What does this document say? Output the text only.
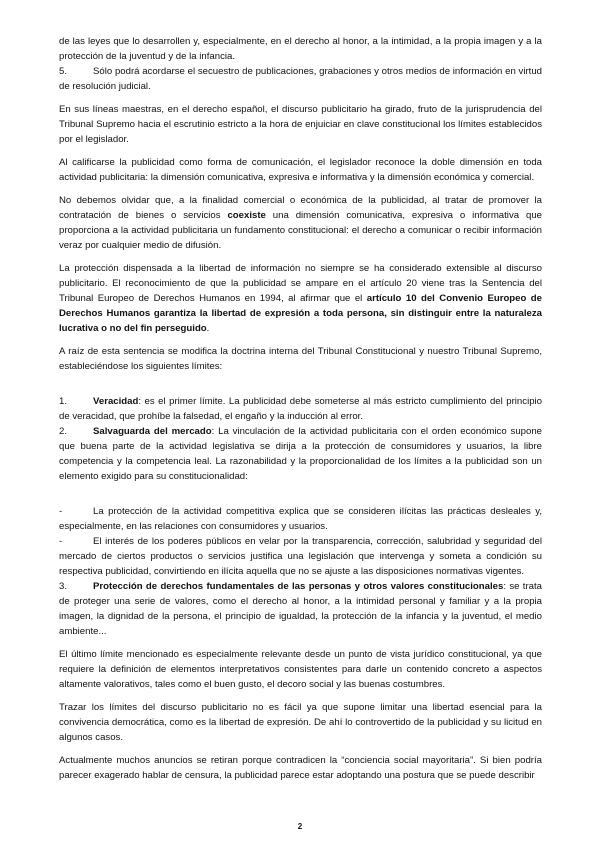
de las leyes que lo desarrollen y, especialmente, en el derecho al honor, a la intimidad, a la propia imagen y a la protección de la juventud y de la infancia.

5.	Sólo podrá acordarse el secuestro de publicaciones, grabaciones y otros medios de información en virtud de resolución judicial.

En sus líneas maestras, en el derecho español, el discurso publicitario ha girado, fruto de la jurisprudencia del Tribunal Supremo hacia el escrutinio estricto a la hora de enjuiciar en clave constitucional los límites establecidos por el legislador.

Al calificarse la publicidad como forma de comunicación, el legislador reconoce la doble dimensión en toda actividad publicitaria: la dimensión comunicativa, expresiva e informativa y la dimensión económica y comercial.

No debemos olvidar que, a la finalidad comercial o económica de la publicidad, al tratar de promover la contratación de bienes o servicios coexiste una dimensión comunicativa, expresiva o informativa que proporciona a la actividad publicitaria un fundamento constitucional: el derecho a comunicar o recibir información veraz por cualquier medio de difusión.

La protección dispensada a la libertad de información no siempre se ha considerado extensible al discurso publicitario. El reconocimiento de que la publicidad se ampare en el artículo 20 viene tras la Sentencia del Tribunal Europeo de Derechos Humanos en 1994, al afirmar que el artículo 10 del Convenio Europeo de Derechos Humanos garantiza la libertad de expresión a toda persona, sin distinguir entre la naturaleza lucrativa o no del fin perseguido.

A raíz de esta sentencia se modifica la doctrina interna del Tribunal Constitucional y nuestro Tribunal Supremo, estableciéndose los siguientes límites:

1.	Veracidad: es el primer límite. La publicidad debe someterse al más estricto cumplimiento del principio de veracidad, que prohíbe la falsedad, el engaño y la inducción al error.

2.	Salvaguarda del mercado: La vinculación de la actividad publicitaria con el orden económico supone que buena parte de la actividad legislativa se dirija a la protección de consumidores y usuarios, la libre competencia y la competencia leal. La razonabilidad y la proporcionalidad de los límites a la publicidad son un elemento exigido para su constitucionalidad:

-	La protección de la actividad competitiva explica que se consideren ilícitas las prácticas desleales y, especialmente, en las relaciones con consumidores y usuarios.

-	El interés de los poderes públicos en velar por la transparencia, corrección, salubridad y seguridad del mercado de ciertos productos o servicios justifica una legislación que intervenga y someta a condición su respectiva publicidad, convirtiendo en ilícita aquella que no se ajuste a las disposiciones normativas vigentes.

3.	Protección de derechos fundamentales de las personas y otros valores constitucionales: se trata de proteger una serie de valores, como el derecho al honor, a la intimidad personal y familiar y a la propia imagen, la dignidad de la persona, el principio de igualdad, la protección de la infancia y la juventud, el medio ambiente...

El último límite mencionado es especialmente relevante desde un punto de vista jurídico constitucional, ya que requiere la definición de elementos interpretativos consistentes para darle un contenido concreto a aspectos altamente valorativos, tales como el buen gusto, el decoro social y las buenas costumbres.

Trazar los límites del discurso publicitario no es fácil ya que supone limitar una libertad esencial para la convivencia democrática, como es la libertad de expresión. De ahí lo controvertido de la publicidad y su licitud en algunos casos.

Actualmente muchos anuncios se retiran porque contradicen la “conciencia social mayoritaria”. Si bien podría parecer exagerado hablar de censura, la publicidad parece estar adoptando una postura que se puede describir

2
